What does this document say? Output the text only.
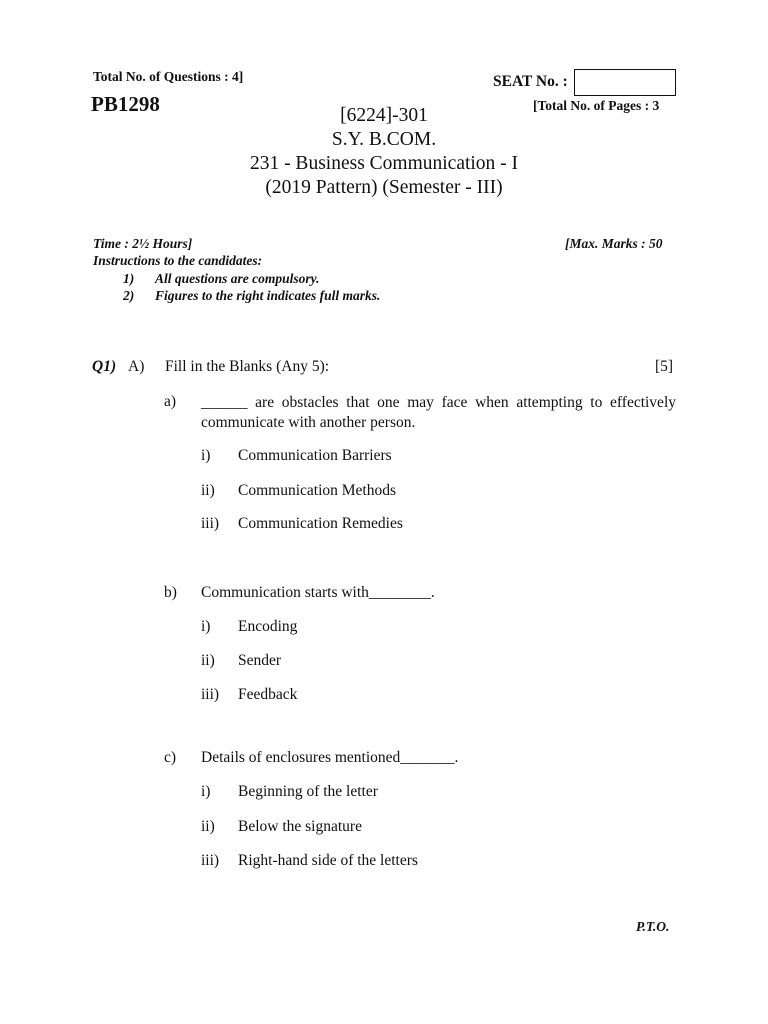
Total No. of Questions : 4]	SEAT No. :
PB1298	[Total No. of Pages : 3
[6224]-301
S.Y. B.COM.
231 - Business Communication - I
(2019 Pattern) (Semester - III)
Time : 2½ Hours]	[Max. Marks : 50
Instructions to the candidates:
1) All questions are compulsory.
2) Figures to the right indicates full marks.
Q1) A) Fill in the Blanks (Any 5):	[5]
a) ______ are obstacles that one may face when attempting to effectively communicate with another person.
i) Communication Barriers
ii) Communication Methods
iii) Communication Remedies
b) Communication starts with________.
i) Encoding
ii) Sender
iii) Feedback
c) Details of enclosures mentioned_______.
i) Beginning of the letter
ii) Below the signature
iii) Right-hand side of the letters
P.T.O.
